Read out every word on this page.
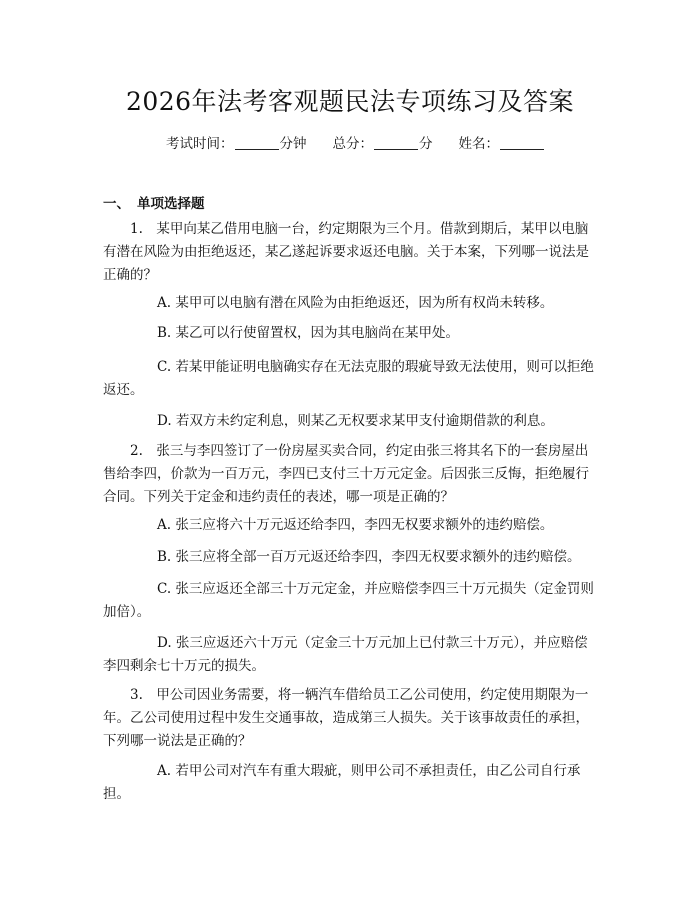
2026年法考客观题民法专项练习及答案
考试时间：	分钟 总分：	分 姓名：
一、 单项选择题
1.　某甲向某乙借用电脑一台，约定期限为三个月。借款到期后，某甲以电脑有潜在风险为由拒绝返还，某乙遂起诉要求返还电脑。关于本案，下列哪一说法是正确的？
A. 某甲可以电脑有潜在风险为由拒绝返还，因为所有权尚未转移。
B. 某乙可以行使留置权，因为其电脑尚在某甲处。
C. 若某甲能证明电脑确实存在无法克服的瑕疵导致无法使用，则可以拒绝返还。
D. 若双方未约定利息，则某乙无权要求某甲支付逾期借款的利息。
2.　张三与李四签订了一份房屋买卖合同，约定由张三将其名下的一套房屋出售给李四，价款为一百万元，李四已支付三十万元定金。后因张三反悔，拒绝履行合同。下列关于定金和违约责任的表述，哪一项是正确的？
A. 张三应将六十万元返还给李四，李四无权要求额外的违约赔偿。
B. 张三应将全部一百万元返还给李四，李四无权要求额外的违约赔偿。
C. 张三应返还全部三十万元定金，并应赔偿李四三十万元损失（定金罚则加倍）。
D. 张三应返还六十万元（定金三十万元加上已付款三十万元），并应赔偿李四剩余七十万元的损失。
3.　甲公司因业务需要，将一辆汽车借给员工乙公司使用，约定使用期限为一年。乙公司使用过程中发生交通事故，造成第三人损失。关于该事故责任的承担，下列哪一说法是正确的？
A. 若甲公司对汽车有重大瑕疵，则甲公司不承担责任，由乙公司自行承担。
